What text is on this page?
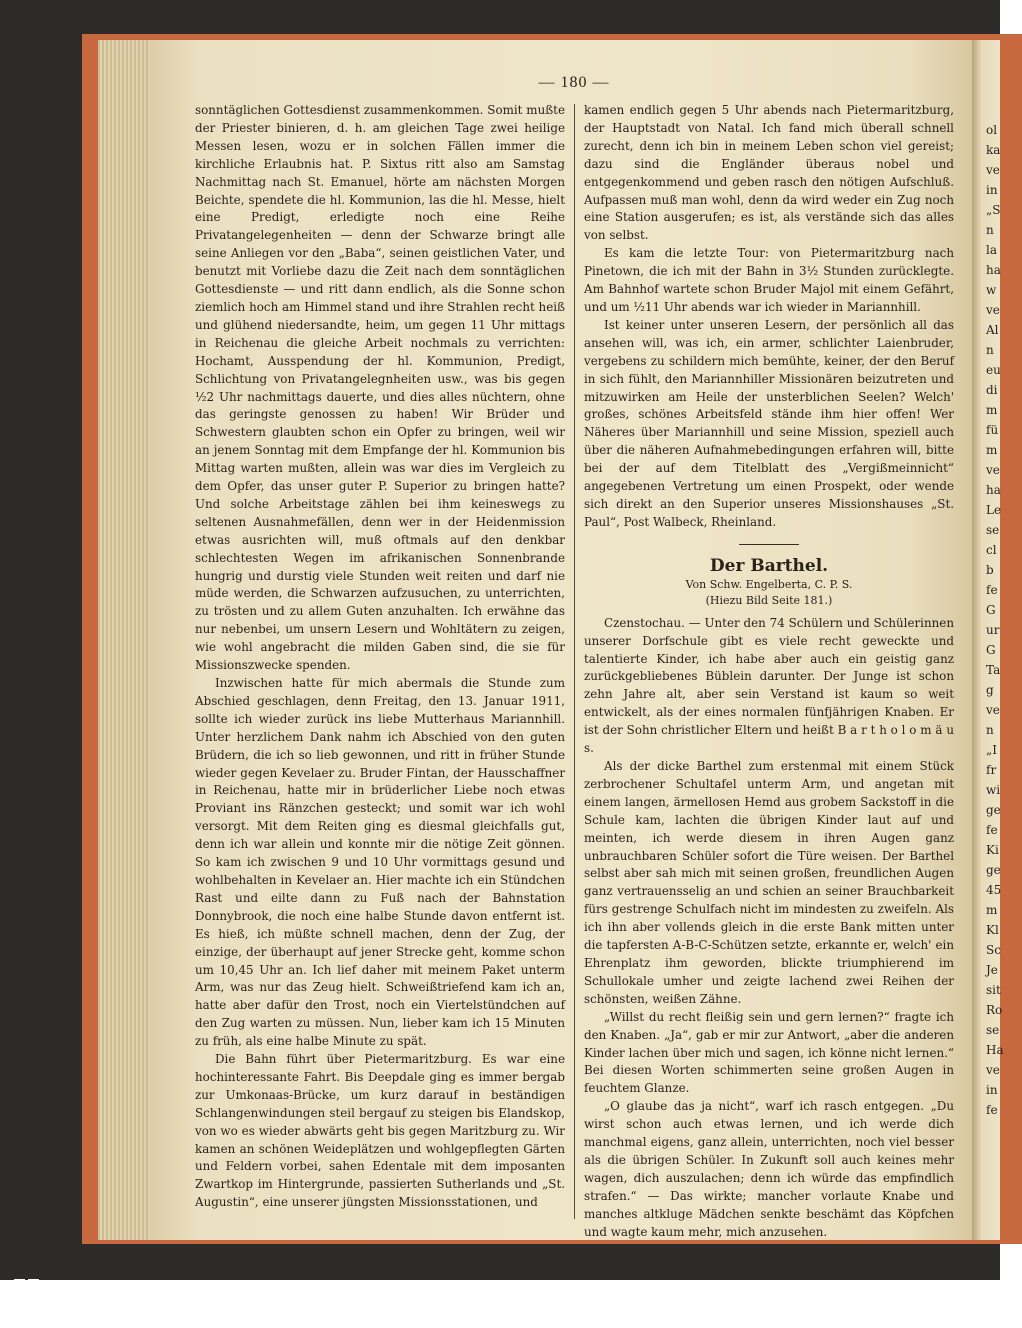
— 180 —

sonntäglichen Gottesdienst zusammenkommen. Somit mußte der Priester binieren, d. h. am gleichen Tage zwei heilige Messen lesen, wozu er in solchen Fällen immer die kirchliche Erlaubnis hat. P. Sixtus ritt also am Samstag Nachmittag nach St. Emanuel, hörte am nächsten Morgen Beichte, spendete die hl. Kommunion, las die hl. Messe, hielt eine Predigt, erledigte noch eine Reihe Privatangelegenheiten — denn der Schwarze bringt alle seine Anliegen vor den „Baba“, seinen geistlichen Vater, und benutzt mit Vorliebe dazu die Zeit nach dem sonntäglichen Gottesdienste — und ritt dann endlich, als die Sonne schon ziemlich hoch am Himmel stand und ihre Strahlen recht heiß und glühend niedersandte, heim, um gegen 11 Uhr mittags in Reichenau die gleiche Arbeit nochmals zu verrichten: Hochamt, Ausspendung der hl. Kommunion, Predigt, Schlichtung von Privatangelegnheiten usw., was bis gegen ½2 Uhr nachmittags dauerte, und dies alles nüchtern, ohne das geringste genossen zu haben! Wir Brüder und Schwestern glaubten schon ein Opfer zu bringen, weil wir an jenem Sonntag mit dem Empfange der hl. Kommunion bis Mittag warten mußten, allein was war dies im Vergleich zu dem Opfer, das unser guter P. Superior zu bringen hatte? Und solche Arbeitstage zählen bei ihm keineswegs zu seltenen Ausnahmefällen, denn wer in der Heidenmission etwas ausrichten will, muß oftmals auf den denkbar schlechtesten Wegen im afrikanischen Sonnenbrande hungrig und durstig viele Stunden weit reiten und darf nie müde werden, die Schwarzen aufzusuchen, zu unterrichten, zu trösten und zu allem Guten anzuhalten. Ich erwähne das nur nebenbei, um unsern Lesern und Wohltätern zu zeigen, wie wohl angebracht die milden Gaben sind, die sie für Missionszwecke spenden.

Inzwischen hatte für mich abermals die Stunde zum Abschied geschlagen, denn Freitag, den 13. Januar 1911, sollte ich wieder zurück ins liebe Mutterhaus Mariannhill. Unter herzlichem Dank nahm ich Abschied von den guten Brüdern, die ich so lieb gewonnen, und ritt in früher Stunde wieder gegen Kevelaer zu. Bruder Fintan, der Hausschaffner in Reichenau, hatte mir in brüderlicher Liebe noch etwas Proviant ins Ränzchen gesteckt; und somit war ich wohl versorgt. Mit dem Reiten ging es diesmal gleichfalls gut, denn ich war allein und konnte mir die nötige Zeit gönnen. So kam ich zwischen 9 und 10 Uhr vormittags gesund und wohlbehalten in Kevelaer an. Hier machte ich ein Stündchen Rast und eilte dann zu Fuß nach der Bahnstation Donnybrook, die noch eine halbe Stunde davon entfernt ist. Es hieß, ich müßte schnell machen, denn der Zug, der einzige, der überhaupt auf jener Strecke geht, komme schon um 10,45 Uhr an. Ich lief daher mit meinem Paket unterm Arm, was nur das Zeug hielt. Schweißtriefend kam ich an, hatte aber dafür den Trost, noch ein Viertelstündchen auf den Zug warten zu müssen. Nun, lieber kam ich 15 Minuten zu früh, als eine halbe Minute zu spät.

Die Bahn führt über Pietermaritzburg. Es war eine hochinteressante Fahrt. Bis Deepdale ging es immer bergab zur Umkonaas-Brücke, um kurz darauf in beständigen Schlangenwindungen steil bergauf zu steigen bis Elandskop, von wo es wieder abwärts geht bis gegen Maritzburg zu. Wir kamen an schönen Weideplätzen und wohlgepflegten Gärten und Feldern vorbei, sahen Edentale mit dem imposanten Zwartkop im Hintergrunde, passierten Sutherlands und „St. Augustin“, eine unserer jüngsten Missionsstationen, und

kamen endlich gegen 5 Uhr abends nach Pietermaritzburg, der Hauptstadt von Natal. Ich fand mich überall schnell zurecht, denn ich bin in meinem Leben schon viel gereist; dazu sind die Engländer überaus nobel und entgegenkommend und geben rasch den nötigen Aufschluß. Aufpassen muß man wohl, denn da wird weder ein Zug noch eine Station ausgerufen; es ist, als verstände sich das alles von selbst.

Es kam die letzte Tour: von Pietermaritzburg nach Pinetown, die ich mit der Bahn in 3½ Stunden zurücklegte. Am Bahnhof wartete schon Bruder Majol mit einem Gefährt, und um ½11 Uhr abends war ich wieder in Mariannhill.

Ist keiner unter unseren Lesern, der persönlich all das ansehen will, was ich, ein armer, schlichter Laienbruder, vergebens zu schildern mich bemühte, keiner, der den Beruf in sich fühlt, den Mariannhiller Missionären beizutreten und mitzuwirken am Heile der unsterblichen Seelen? Welch' großes, schönes Arbeitsfeld stände ihm hier offen! Wer Näheres über Mariannhill und seine Mission, speziell auch über die näheren Aufnahmebedingungen erfahren will, bitte bei der auf dem Titelblatt des „Vergißmeinnicht“ angegebenen Vertretung um einen Prospekt, oder wende sich direkt an den Superior unseres Missionshauses „St. Paul“, Post Walbeck, Rheinland.

Der Barthel.

Von Schw. Engelberta, C. P. S.

(Hiezu Bild Seite 181.)

Czenstochau. — Unter den 74 Schülern und Schülerinnen unserer Dorfschule gibt es viele recht geweckte und talentierte Kinder, ich habe aber auch ein geistig ganz zurückgebliebenes Büblein darunter. Der Junge ist schon zehn Jahre alt, aber sein Verstand ist kaum so weit entwickelt, als der eines normalen fünfjährigen Knaben. Er ist der Sohn christlicher Eltern und heißt B a r t h o l o m ä u s.

Als der dicke Barthel zum erstenmal mit einem Stück zerbrochener Schultafel unterm Arm, und angetan mit einem langen, ärmellosen Hemd aus grobem Sackstoff in die Schule kam, lachten die übrigen Kinder laut auf und meinten, ich werde diesem in ihren Augen ganz unbrauchbaren Schüler sofort die Türe weisen. Der Barthel selbst aber sah mich mit seinen großen, freundlichen Augen ganz vertrauensselig an und schien an seiner Brauchbarkeit fürs gestrenge Schulfach nicht im mindesten zu zweifeln. Als ich ihn aber vollends gleich in die erste Bank mitten unter die tapfersten A-B-C-Schützen setzte, erkannte er, welch' ein Ehrenplatz ihm geworden, blickte triumphierend im Schullokale umher und zeigte lachend zwei Reihen der schönsten, weißen Zähne.

„Willst du recht fleißig sein und gern lernen?“ fragte ich den Knaben. „Ja“, gab er mir zur Antwort, „aber die anderen Kinder lachen über mich und sagen, ich könne nicht lernen.“ Bei diesen Worten schimmerten seine großen Augen in feuchtem Glanze.

„O glaube das ja nicht“, warf ich rasch entgegen. „Du wirst schon auch etwas lernen, und ich werde dich manchmal eigens, ganz allein, unterrichten, noch viel besser als die übrigen Schüler. In Zukunft soll auch keines mehr wagen, dich auszulachen; denn ich würde das empfindlich strafen.“ — Das wirkte; mancher vorlaute Knabe und manches altkluge Mädchen senkte beschämt das Köpfchen und wagte kaum mehr, mich anzusehen.

ol
ka
ve
in
„S
n
la
ha
w
ve
Al
n
eu
di
m
fü
m
ve
ha
Le
se
cl
b
fe
G
ur
G
Ta
g
ve
n
„I
fr
wi
ge
fe
Ki
ge
45
m
Kl
Sc
Je
sit
Ro
se
Ha
ve
in
fe
UNIVERSITÄTS-
BIBLIOTHEK
PADERBORN
